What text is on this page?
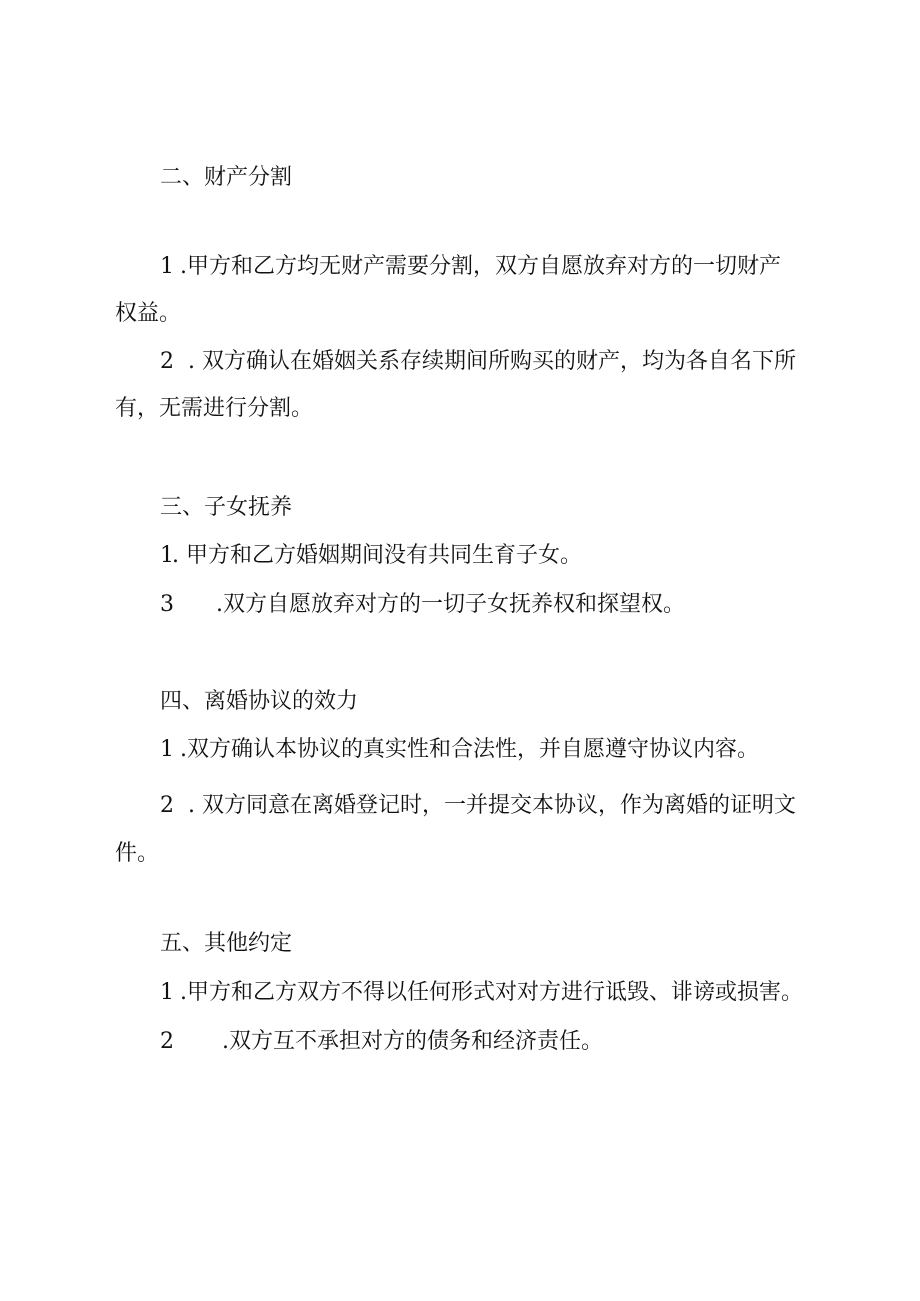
二、财产分割
1 .甲方和乙方均无财产需要分割，双方自愿放弃对方的一切财产
权益。
2 . 双方确认在婚姻关系存续期间所购买的财产，均为各自名下所
有，无需进行分割。
三、子女抚养
1. 甲方和乙方婚姻期间没有共同生育子女。
3 .双方自愿放弃对方的一切子女抚养权和探望权。
四、离婚协议的效力
1 .双方确认本协议的真实性和合法性，并自愿遵守协议内容。
2 . 双方同意在离婚登记时，一并提交本协议，作为离婚的证明文
件。
五、其他约定
1 .甲方和乙方双方不得以任何形式对对方进行诋毁、诽谤或损害。
2 .双方互不承担对方的债务和经济责任。
